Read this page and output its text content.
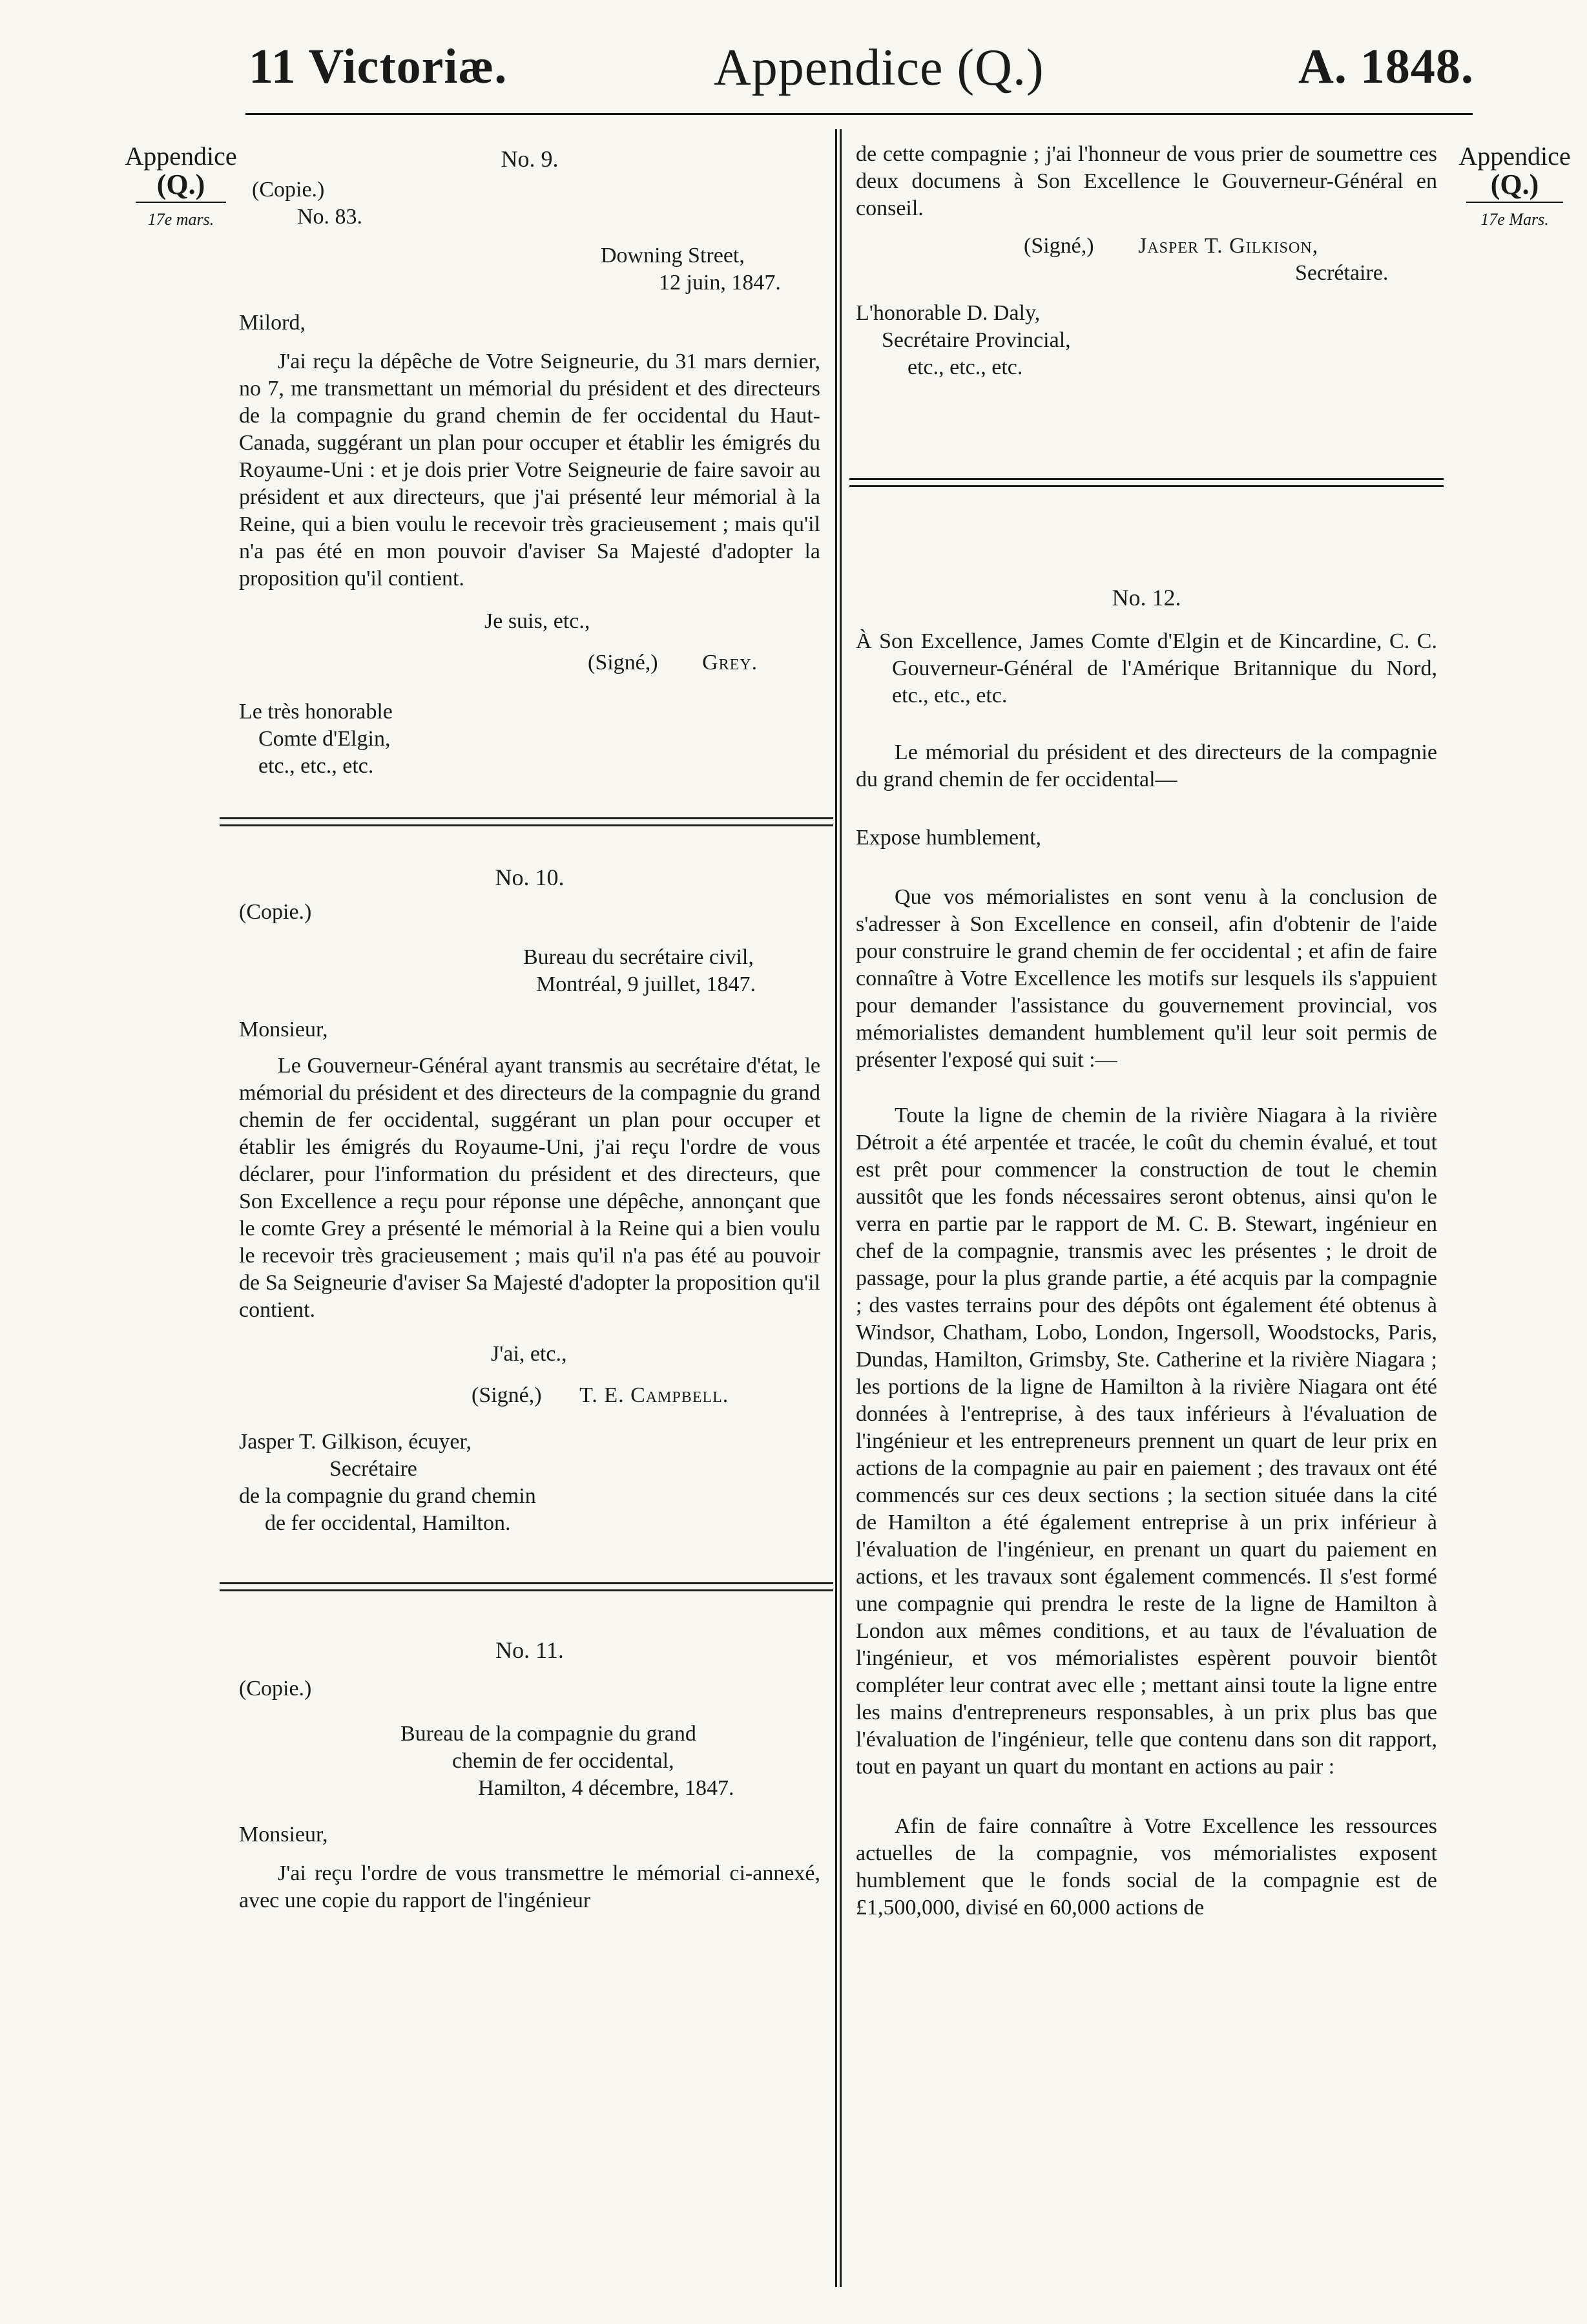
11 Victoriæ.	Appendice (Q.)	A. 1848.
Appendice
(Q.)
17e mars.
Appendice
(Q.)
17e Mars.
No. 9.
(Copie.)
No. 83.
Downing Street,
12 juin, 1847.
Milord,
J'ai reçu la dépêche de Votre Seigneurie, du 31 mars dernier, no 7, me transmettant un mémorial du président et des directeurs de la compagnie du grand chemin de fer occidental du Haut-Canada, suggérant un plan pour occuper et établir les émigrés du Royaume-Uni : et je dois prier Votre Seigneurie de faire savoir au président et aux directeurs, que j'ai présenté leur mémorial à la Reine, qui a bien voulu le recevoir très gracieusement ; mais qu'il n'a pas été en mon pouvoir d'aviser Sa Majesté d'adopter la proposition qu'il contient.
Je suis, etc.,
(Signé,) Grey.
Le très honorable
Comte d'Elgin,
etc., etc., etc.
No. 10.
(Copie.)
Bureau du secrétaire civil,
Montréal, 9 juillet, 1847.
Monsieur,
Le Gouverneur-Général ayant transmis au secrétaire d'état, le mémorial du président et des directeurs de la compagnie du grand chemin de fer occidental, suggérant un plan pour occuper et établir les émigrés du Royaume-Uni, j'ai reçu l'ordre de vous déclarer, pour l'information du président et des directeurs, que Son Excellence a reçu pour réponse une dépêche, annonçant que le comte Grey a présenté le mémorial à la Reine qui a bien voulu le recevoir très gracieusement ; mais qu'il n'a pas été au pouvoir de Sa Seigneurie d'aviser Sa Majesté d'adopter la proposition qu'il contient.
J'ai, etc.,
(Signé,) T. E. Campbell.
Jasper T. Gilkison, écuyer,
Secrétaire
de la compagnie du grand chemin
de fer occidental, Hamilton.
No. 11.
(Copie.)
Bureau de la compagnie du grand
chemin de fer occidental,
Hamilton, 4 décembre, 1847.
Monsieur,
J'ai reçu l'ordre de vous transmettre le mémorial ci-annexé, avec une copie du rapport de l'ingénieur
de cette compagnie ; j'ai l'honneur de vous prier de soumettre ces deux documens à Son Excellence le Gouverneur-Général en conseil.
(Signé,) Jasper T. Gilkison,
Secrétaire.
L'honorable D. Daly,
Secrétaire Provincial,
etc., etc., etc.
No. 12.
À Son Excellence, James Comte d'Elgin et de Kincardine, C. C. Gouverneur-Général de l'Amérique Britannique du Nord, etc., etc., etc.
Le mémorial du président et des directeurs de la compagnie du grand chemin de fer occidental—
Expose humblement,
Que vos mémorialistes en sont venu à la conclusion de s'adresser à Son Excellence en conseil, afin d'obtenir de l'aide pour construire le grand chemin de fer occidental ; et afin de faire connaître à Votre Excellence les motifs sur lesquels ils s'appuient pour demander l'assistance du gouvernement provincial, vos mémorialistes demandent humblement qu'il leur soit permis de présenter l'exposé qui suit :—
Toute la ligne de chemin de la rivière Niagara à la rivière Détroit a été arpentée et tracée, le coût du chemin évalué, et tout est prêt pour commencer la construction de tout le chemin aussitôt que les fonds nécessaires seront obtenus, ainsi qu'on le verra en partie par le rapport de M. C. B. Stewart, ingénieur en chef de la compagnie, transmis avec les présentes ; le droit de passage, pour la plus grande partie, a été acquis par la compagnie ; des vastes terrains pour des dépôts ont également été obtenus à Windsor, Chatham, Lobo, London, Ingersoll, Woodstocks, Paris, Dundas, Hamilton, Grimsby, Ste. Catherine et la rivière Niagara ; les portions de la ligne de Hamilton à la rivière Niagara ont été données à l'entreprise, à des taux inférieurs à l'évaluation de l'ingénieur et les entrepreneurs prennent un quart de leur prix en actions de la compagnie au pair en paiement ; des travaux ont été commencés sur ces deux sections ; la section située dans la cité de Hamilton a été également entreprise à un prix inférieur à l'évaluation de l'ingénieur, en prenant un quart du paiement en actions, et les travaux sont également commencés. Il s'est formé une compagnie qui prendra le reste de la ligne de Hamilton à London aux mêmes conditions, et au taux de l'évaluation de l'ingénieur, et vos mémorialistes espèrent pouvoir bientôt compléter leur contrat avec elle ; mettant ainsi toute la ligne entre les mains d'entrepreneurs responsables, à un prix plus bas que l'évaluation de l'ingénieur, telle que contenu dans son dit rapport, tout en payant un quart du montant en actions au pair :
Afin de faire connaître à Votre Excellence les ressources actuelles de la compagnie, vos mémorialistes exposent humblement que le fonds social de la compagnie est de £1,500,000, divisé en 60,000 actions de
